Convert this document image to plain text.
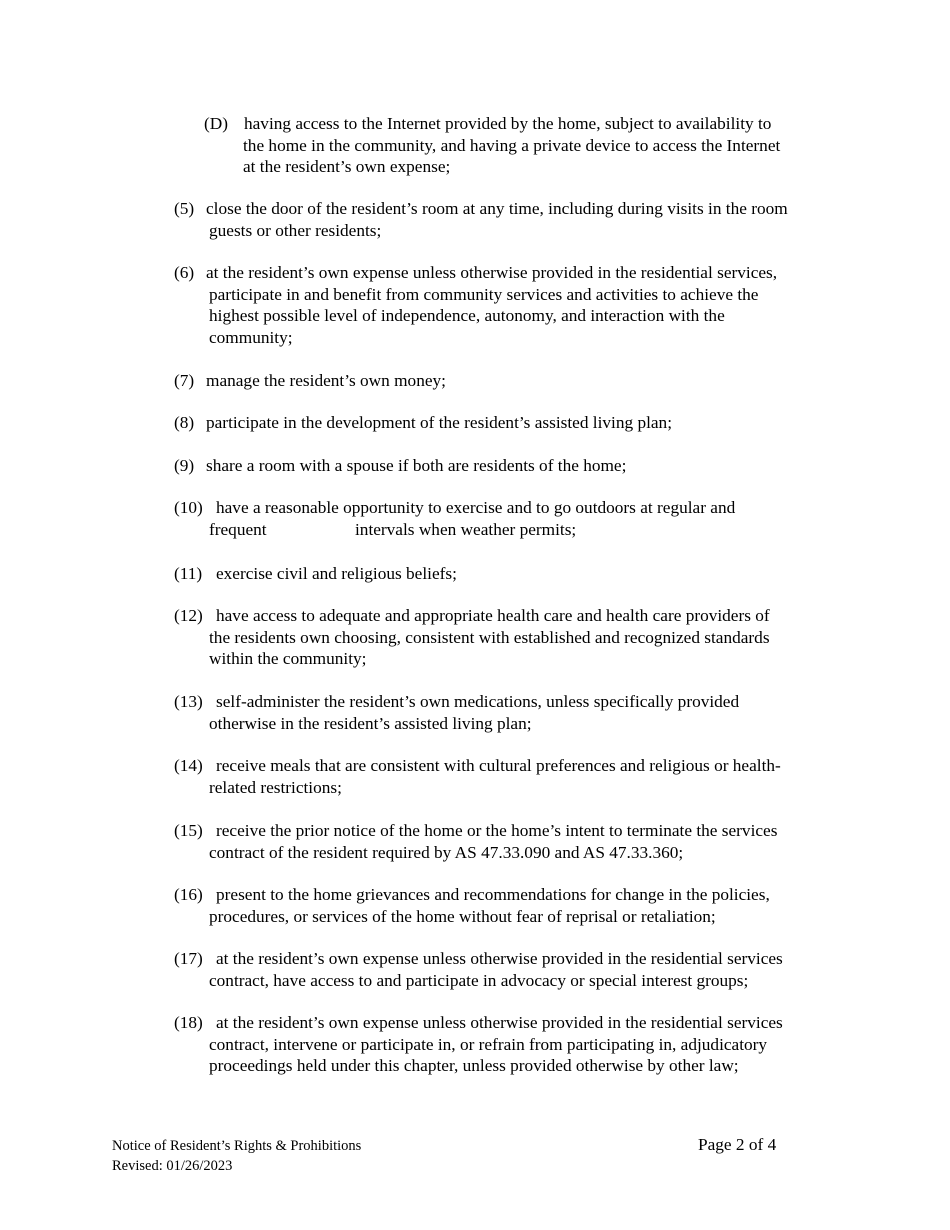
(D) having access to the Internet provided by the home, subject to availability to
the home in the community, and having a private device to access the Internet
at the resident’s own expense;
(5) close the door of the resident’s room at any time, including during visits in the room
guests or other residents;
(6) at the resident’s own expense unless otherwise provided in the residential services,
participate in and benefit from community services and activities to achieve the
highest possible level of independence, autonomy, and interaction with the
community;
(7) manage the resident’s own money;
(8) participate in the development of the resident’s assisted living plan;
(9) share a room with a spouse if both are residents of the home;
(10) have a reasonable opportunity to exercise and to go outdoors at regular and
frequent	intervals when weather permits;
(11) exercise civil and religious beliefs;
(12) have access to adequate and appropriate health care and health care providers of
the residents own choosing, consistent with established and recognized standards
within the community;
(13) self-administer the resident’s own medications, unless specifically provided
otherwise in the resident’s assisted living plan;
(14) receive meals that are consistent with cultural preferences and religious or health-
related restrictions;
(15) receive the prior notice of the home or the home’s intent to terminate the services
contract of the resident required by AS 47.33.090 and AS 47.33.360;
(16) present to the home grievances and recommendations for change in the policies,
procedures, or services of the home without fear of reprisal or retaliation;
(17) at the resident’s own expense unless otherwise provided in the residential services
contract, have access to and participate in advocacy or special interest groups;
(18) at the resident’s own expense unless otherwise provided in the residential services
contract, intervene or participate in, or refrain from participating in, adjudicatory
proceedings held under this chapter, unless provided otherwise by other law;
Notice of Resident’s Rights & Prohibitions
Revised: 01/26/2023
Page 2 of 4
